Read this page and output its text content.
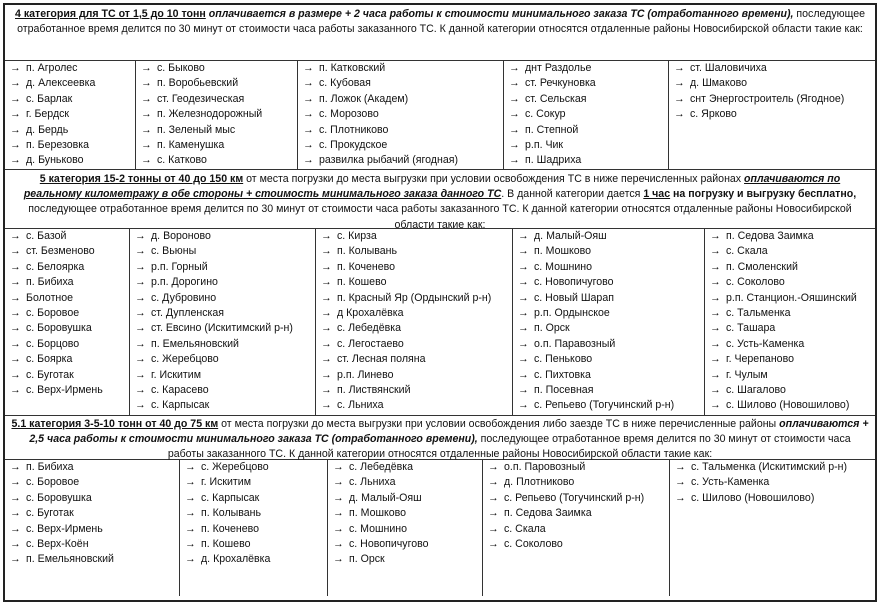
4 категория для ТС от 1,5 до 10 тонн оплачивается в размере + 2 часа работы к стоимости минимального заказа ТС (отработанного времени), последующее отработанное время делится по 30 минут от стоимости часа работы заказанного ТС. К данной категории относятся отдаленные районы Новосибирской области такие как:
→ п. Агролес
→ д. Алексеевка
→ с. Барлак
→ г. Бердск
→ д. Бердь
→ п. Березовка
→ д. Буньково
→ с. Быково
→ п. Воробьевский
→ ст. Геодезическая
→ п. Железнодорожный
→ п. Зеленый мыс
→ п. Каменушка
→ с. Катково
→ п. Катковский
→ с. Кубовая
→ п. Ложок (Академ)
→ с. Морозово
→ с. Плотниково
→ с. Прокудское
→ развилка рыбачий (ягодная)
→ днт Раздолье
→ ст. Речкуновка
→ ст. Сельская
→ с. Сокур
→ п. Степной
→ р.п. Чик
→ п. Шадриха
→ ст. Шаловичиха
→ д. Шмаково
→ снт Энергостроитель (Ягодное)
→ с. Ярково
5 категория 15-2 тонны от 40 до 150 км от места погрузки до места выгрузки при условии освобождения ТС в ниже перечисленных районах оплачиваются по реальному километражу в обе стороны + стоимость минимального заказа данного ТС. В данной категории дается 1 час на погрузку и выгрузку бесплатно, последующее отработанное время делится по 30 минут от стоимости часа работы заказанного ТС. К данной категории относятся отдаленные районы Новосибирской области такие как:
→ с. Базой
→ ст. Безменово
→ с. Белоярка
→ п. Бибиха
→ Болотное
→ с. Боровое
→ с. Боровушка
→ с. Борцово
→ с. Боярка
→ с. Буготак
→ с. Верх-Ирмень
→ д. Вороново
→ с. Вьюны
→ р.п. Горный
→ р.п. Дорогино
→ с. Дубровино
→ ст. Дупленская
→ ст. Евсино (Искитимский р-н)
→ п. Емельяновский
→ с. Жеребцово
→ г. Искитим
→ с. Карасево
→ с. Карпысак
→ с. Кирза
→ п. Колывань
→ п. Коченево
→ п. Кошево
→ п. Красный Яр (Ордынский р-н)
→ д Крохалёвка
→ с. Лебедёвка
→ с. Легостаево
→ ст. Лесная поляна
→ р.п. Линево
→ п. Листвянский
→ с. Льниха
→ д. Малый-Ояш
→ п. Мошково
→ с. Мошнино
→ с. Новопичугово
→ с. Новый Шарап
→ р.п. Ордынское
→ п. Орск
→ о.п. Паравозный
→ с. Пеньково
→ с. Пихтовка
→ п. Посевная
→ с. Репьево (Тогучинский р-н)
→ п. Седова Заимка
→ с. Скала
→ п. Смоленский
→ с. Соколово
→ р.п. Станцион.-Ояшинский
→ с. Тальменка
→ с. Ташара
→ с. Усть-Каменка
→ г. Черепаново
→ г. Чулым
→ с. Шагалово
→ с. Шилово (Новошилово)
5.1 категория 3-5-10 тонн от 40 до 75 км от места погрузки до места выгрузки при условии освобождения либо заезде ТС в ниже перечисленные районы оплачиваются + 2,5 часа работы к стоимости минимального заказа ТС (отработанного времени), последующее отработанное время делится по 30 минут от стоимости часа работы заказанного ТС. К данной категории относятся отдаленные районы Новосибирской области такие как:
→ п. Бибиха
→ с. Боровое
→ с. Боровушка
→ с. Буготак
→ с. Верх-Ирмень
→ с. Верх-Коён
→ п. Емельяновский
→ с. Жеребцово
→ г. Искитим
→ с. Карпысак
→ п. Колывань
→ п. Коченево
→ п. Кошево
→ д. Крохалёвка
→ с. Лебедёвка
→ с. Льниха
→ д. Малый-Ояш
→ п. Мошково
→ с. Мошнино
→ с. Новопичугово
→ п. Орск
→ о.п. Паровозный
→ д. Плотниково
→ с. Репьево (Тогучинский р-н)
→ п. Седова Заимка
→ с. Скала
→ с. Соколово
→ с. Тальменка (Искитимский р-н)
→ с. Усть-Каменка
→ с. Шилово (Новошилово)
